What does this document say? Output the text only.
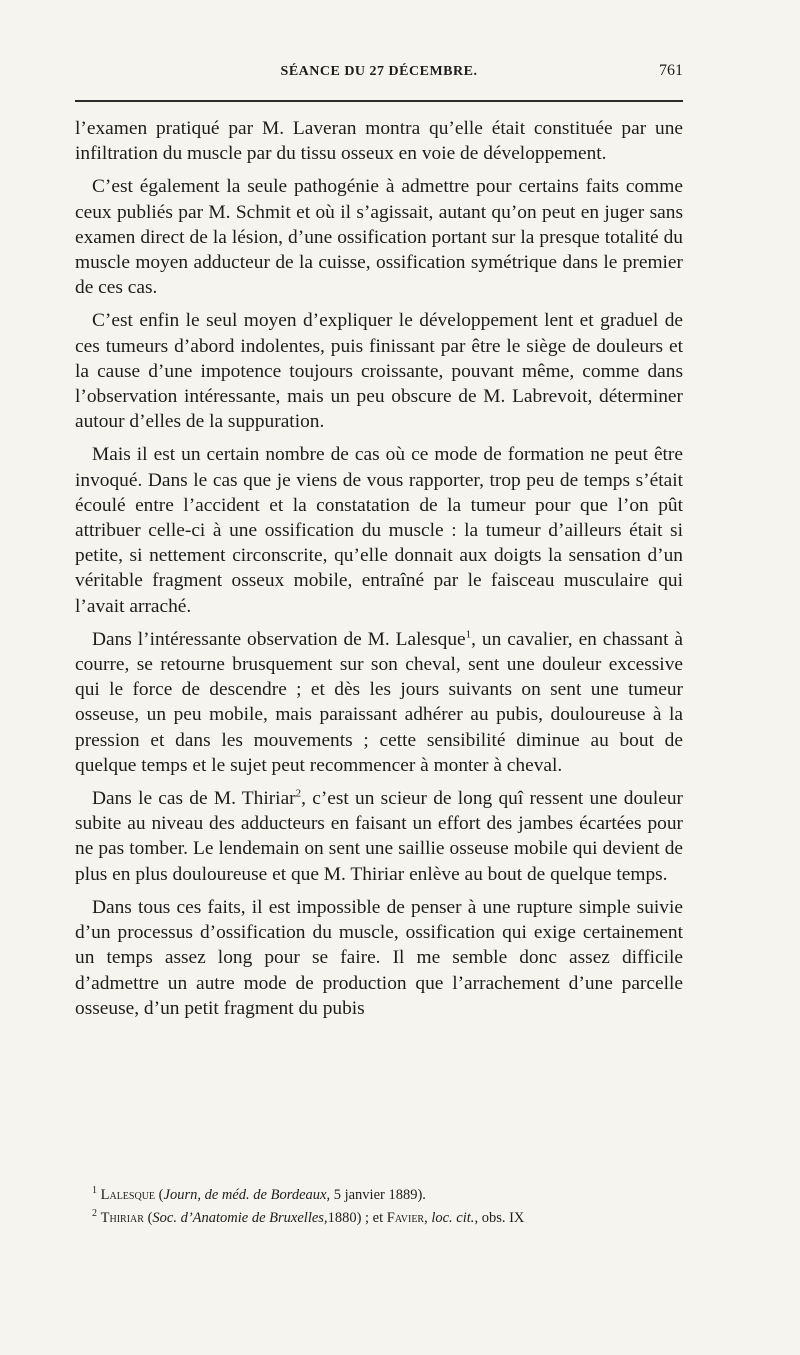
SÉANCE DU 27 DÉCEMBRE.	761

l’examen pratiqué par M. Laveran montra qu’elle était constituée par une infiltration du muscle par du tissu osseux en voie de développement.

C’est également la seule pathogénie à admettre pour certains faits comme ceux publiés par M. Schmit et où il s’agissait, autant qu’on peut en juger sans examen direct de la lésion, d’une ossification portant sur la presque totalité du muscle moyen adducteur de la cuisse, ossification symétrique dans le premier de ces cas.

C’est enfin le seul moyen d’expliquer le développement lent et graduel de ces tumeurs d’abord indolentes, puis finissant par être le siège de douleurs et la cause d’une impotence toujours croissante, pouvant même, comme dans l’observation intéressante, mais un peu obscure de M. Labrevoit, déterminer autour d’elles de la suppuration.

Mais il est un certain nombre de cas où ce mode de formation ne peut être invoqué. Dans le cas que je viens de vous rapporter, trop peu de temps s’était écoulé entre l’accident et la constatation de la tumeur pour que l’on pût attribuer celle-ci à une ossification du muscle : la tumeur d’ailleurs était si petite, si nettement circonscrite, qu’elle donnait aux doigts la sensation d’un véritable fragment osseux mobile, entraîné par le faisceau musculaire qui l’avait arraché.

Dans l’intéressante observation de M. Lalesque$^1$, un cavalier, en chassant à courre, se retourne brusquement sur son cheval, sent une douleur excessive qui le force de descendre ; et dès les jours suivants on sent une tumeur osseuse, un peu mobile, mais paraissant adhérer au pubis, douloureuse à la pression et dans les mouvements ; cette sensibilité diminue au bout de quelque temps et le sujet peut recommencer à monter à cheval.

Dans le cas de M. Thiriar$^2$, c’est un scieur de long quî ressent une douleur subite au niveau des adducteurs en faisant un effort des jambes écartées pour ne pas tomber. Le lendemain on sent une saillie osseuse mobile qui devient de plus en plus douloureuse et que M. Thiriar enlève au bout de quelque temps.

Dans tous ces faits, il est impossible de penser à une rupture simple suivie d’un processus d’ossification du muscle, ossification qui exige certainement un temps assez long pour se faire. Il me semble donc assez difficile d’admettre un autre mode de production que l’arrachement d’une parcelle osseuse, d’un petit fragment du pubis

$^1$ Lalesque (Journ, de méd. de Bordeaux, 5 janvier 1889).
$^2$ Thiriar (Soc. d’Anatomie de Bruxelles,1880) ; et Favier, loc. cit., obs. IX
